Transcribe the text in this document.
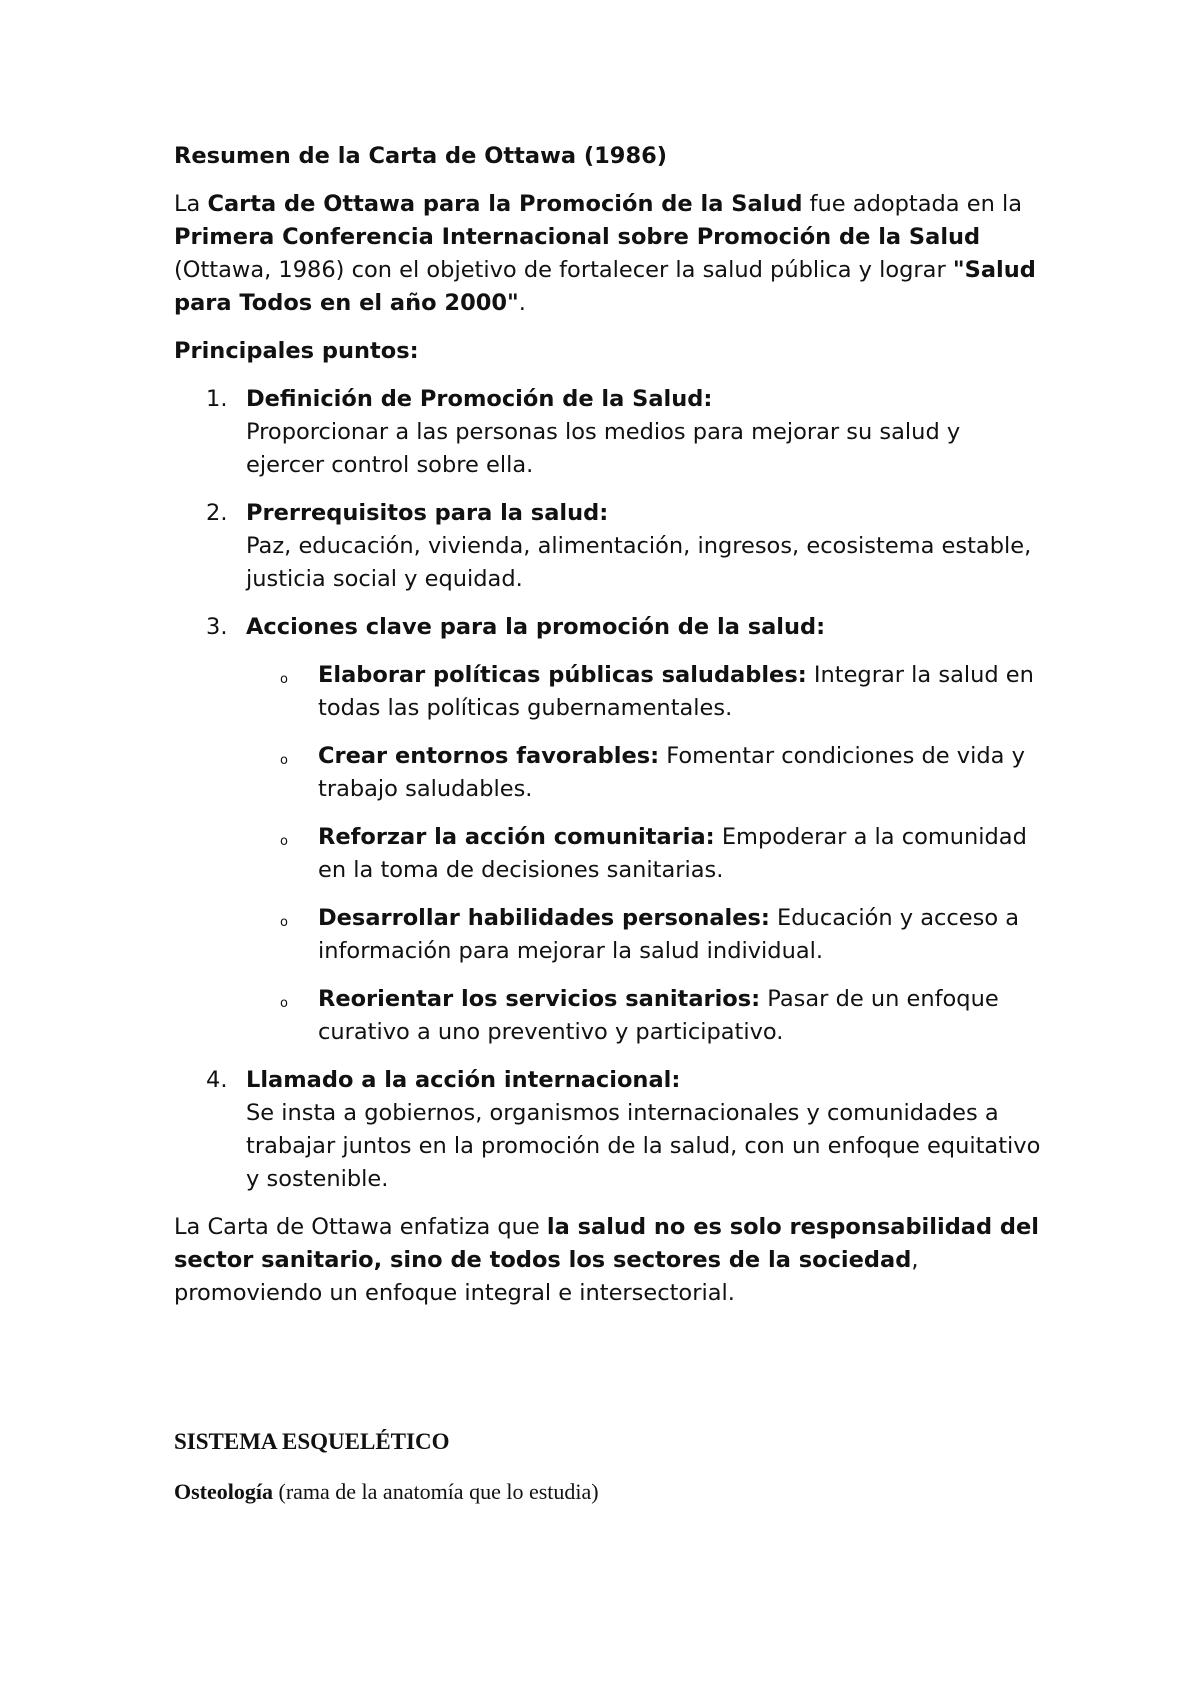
Resumen de la Carta de Ottawa (1986)

La Carta de Ottawa para la Promoción de la Salud fue adoptada en la Primera Conferencia Internacional sobre Promoción de la Salud (Ottawa, 1986) con el objetivo de fortalecer la salud pública y lograr "Salud para Todos en el año 2000".

Principales puntos:

1. Definición de Promoción de la Salud:
Proporcionar a las personas los medios para mejorar su salud y ejercer control sobre ella.
2. Prerrequisitos para la salud:
Paz, educación, vivienda, alimentación, ingresos, ecosistema estable, justicia social y equidad.
3. Acciones clave para la promoción de la salud:
o Elaborar políticas públicas saludables: Integrar la salud en todas las políticas gubernamentales.
o Crear entornos favorables: Fomentar condiciones de vida y trabajo saludables.
o Reforzar la acción comunitaria: Empoderar a la comunidad en la toma de decisiones sanitarias.
o Desarrollar habilidades personales: Educación y acceso a información para mejorar la salud individual.
o Reorientar los servicios sanitarios: Pasar de un enfoque curativo a uno preventivo y participativo.
4. Llamado a la acción internacional:
Se insta a gobiernos, organismos internacionales y comunidades a trabajar juntos en la promoción de la salud, con un enfoque equitativo y sostenible.

La Carta de Ottawa enfatiza que la salud no es solo responsabilidad del sector sanitario, sino de todos los sectores de la sociedad, promoviendo un enfoque integral e intersectorial.

SISTEMA ESQUELÉTICO

Osteología (rama de la anatomía que lo estudia)
